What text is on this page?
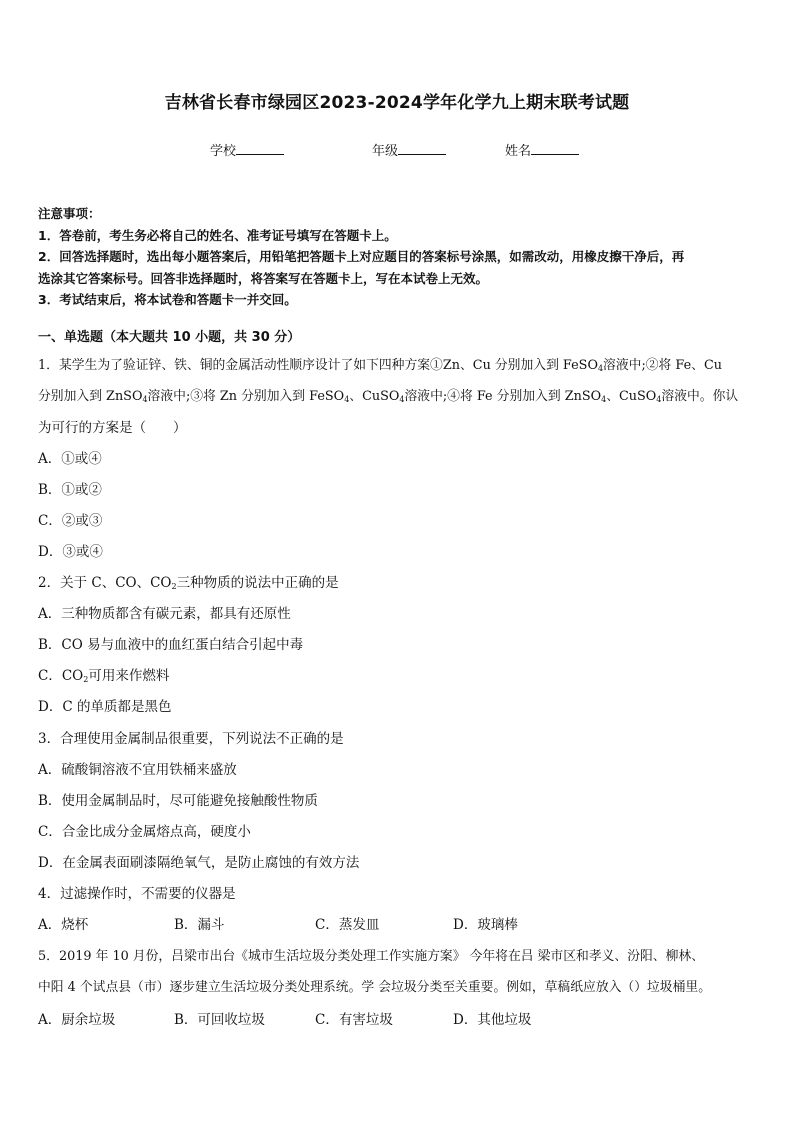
吉林省长春市绿园区2023-2024学年化学九上期末联考试题
学校	年级	姓名
注意事项：
1．答卷前，考生务必将自己的姓名、准考证号填写在答题卡上。
2．回答选择题时，选出每小题答案后，用铅笔把答题卡上对应题目的答案标号涂黑，如需改动，用橡皮擦干净后，再
选涂其它答案标号。回答非选择题时，将答案写在答题卡上，写在本试卷上无效。
3．考试结束后，将本试卷和答题卡一并交回。
一、单选题（本大题共 10 小题，共 30 分）
1．某学生为了验证锌、铁、铜的金属活动性顺序设计了如下四种方案①Zn、Cu 分别加入到 FeSO$_4$溶液中;②将 Fe、Cu
分别加入到 ZnSO$_4$溶液中;③将 Zn 分别加入到 FeSO$_4$、CuSO$_4$溶液中;④将 Fe 分别加入到 ZnSO$_4$、CuSO$_4$溶液中。你认
为可行的方案是（　　）
A．①或④
B．①或②
C．②或③
D．③或④
2．关于 C、CO、$CO_2$三种物质的说法中正确的是
A．三种物质都含有碳元素，都具有还原性
B．CO 易与血液中的血红蛋白结合引起中毒
C．$CO_2$可用来作燃料
D．C 的单质都是黑色
3．合理使用金属制品很重要，下列说法不正确的是
A．硫酸铜溶液不宜用铁桶来盛放
B．使用金属制品时，尽可能避免接触酸性物质
C．合金比成分金属熔点高，硬度小
D．在金属表面刷漆隔绝氧气，是防止腐蚀的有效方法
4．过滤操作时，不需要的仪器是
A．烧杯	B．漏斗	C．蒸发皿	D．玻璃棒
5．2019 年 10 月份，吕梁市出台《城市生活垃圾分类处理工作实施方案》 今年将在吕 梁市区和孝义、汾阳、柳林、
中阳 4 个试点县（市）逐步建立生活垃圾分类处理系统。学 会垃圾分类至关重要。例如，草稿纸应放入（）垃圾桶里。
A．厨余垃圾	B．可回收垃圾	C．有害垃圾	D．其他垃圾
